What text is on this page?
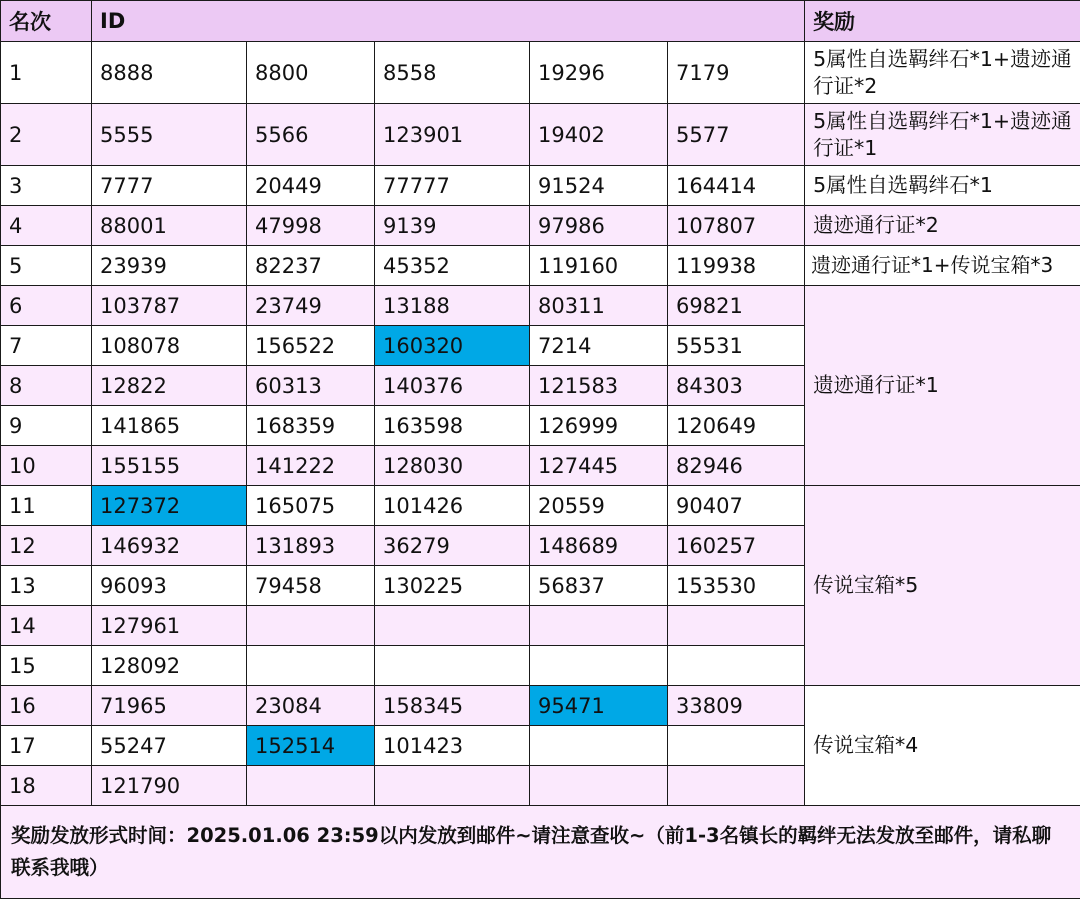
名次	ID					奖励
1	8888	8800	8558	19296	7179	5属性自选羁绊石*1+遗迹通行证*2
2	5555	5566	123901	19402	5577	5属性自选羁绊石*1+遗迹通行证*1
3	7777	20449	77777	91524	164414	5属性自选羁绊石*1
4	88001	47998	9139	97986	107807	遗迹通行证*2
5	23939	82237	45352	119160	119938	遗迹通行证*1+传说宝箱*3
6	103787	23749	13188	80311	69821	遗迹通行证*1
7	108078	156522	160320	7214	55531	
8	12822	60313	140376	121583	84303	
9	141865	168359	163598	126999	120649	
10	155155	141222	128030	127445	82946	
11	127372	165075	101426	20559	90407	传说宝箱*5
12	146932	131893	36279	148689	160257	
13	96093	79458	130225	56837	153530	
14	127961					
15	128092					
16	71965	23084	158345	95471	33809	传说宝箱*4
17	55247	152514	101423			
18	121790					
奖励发放形式时间：2025.01.06 23:59以内发放到邮件~请注意查收~（前1-3名镇长的羁绊无法发放至邮件，请私聊联系我哦）						
